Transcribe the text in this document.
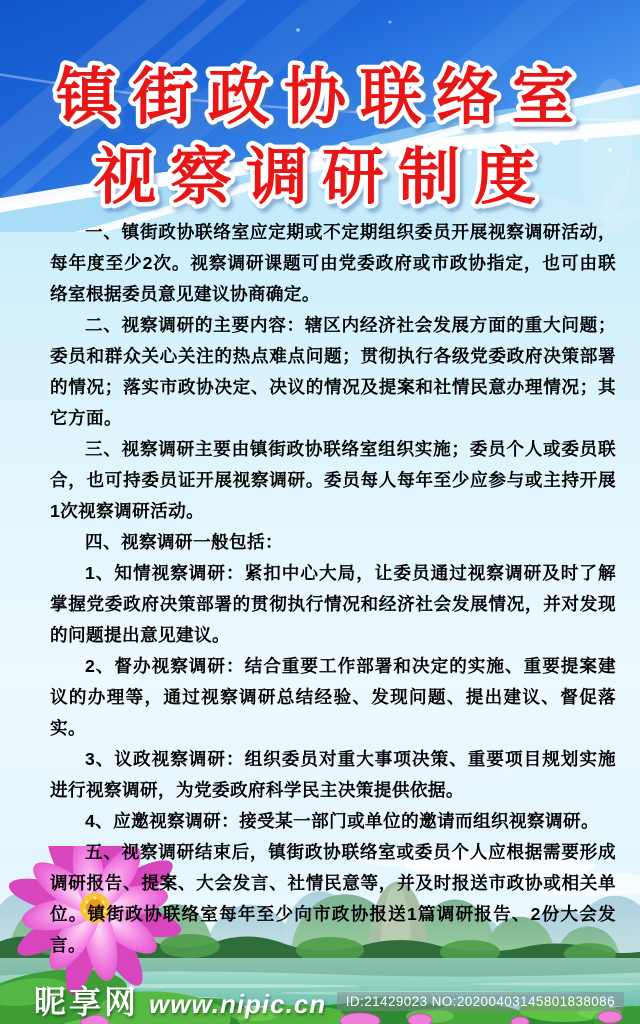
镇街政协联络室
视察调研制度

一、镇街政协联络室应定期或不定期组织委员开展视察调研活动，每年度至少2次。视察调研课题可由党委政府或市政协指定，也可由联络室根据委员意见建议协商确定。

二、视察调研的主要内容：辖区内经济社会发展方面的重大问题；委员和群众关心关注的热点难点问题；贯彻执行各级党委政府决策部署的情况；落实市政协决定、决议的情况及提案和社情民意办理情况；其它方面。

三、视察调研主要由镇街政协联络室组织实施；委员个人或委员联合，也可持委员证开展视察调研。委员每人每年至少应参与或主持开展1次视察调研活动。

四、视察调研一般包括：

1、知情视察调研：紧扣中心大局，让委员通过视察调研及时了解掌握党委政府决策部署的贯彻执行情况和经济社会发展情况，并对发现的问题提出意见建议。

2、督办视察调研：结合重要工作部署和决定的实施、重要提案建议的办理等，通过视察调研总结经验、发现问题、提出建议、督促落实。

3、议政视察调研：组织委员对重大事项决策、重要项目规划实施进行视察调研，为党委政府科学民主决策提供依据。

4、应邀视察调研：接受某一部门或单位的邀请而组织视察调研。

五、视察调研结束后，镇街政协联络室或委员个人应根据需要形成调研报告、提案、大会发言、社情民意等，并及时报送市政协或相关单位。镇街政协联络室每年至少向市政协报送1篇调研报告、2份大会发言。

昵享网 www.nipic.cn	ID:21429023 NO:20200403145801838086
